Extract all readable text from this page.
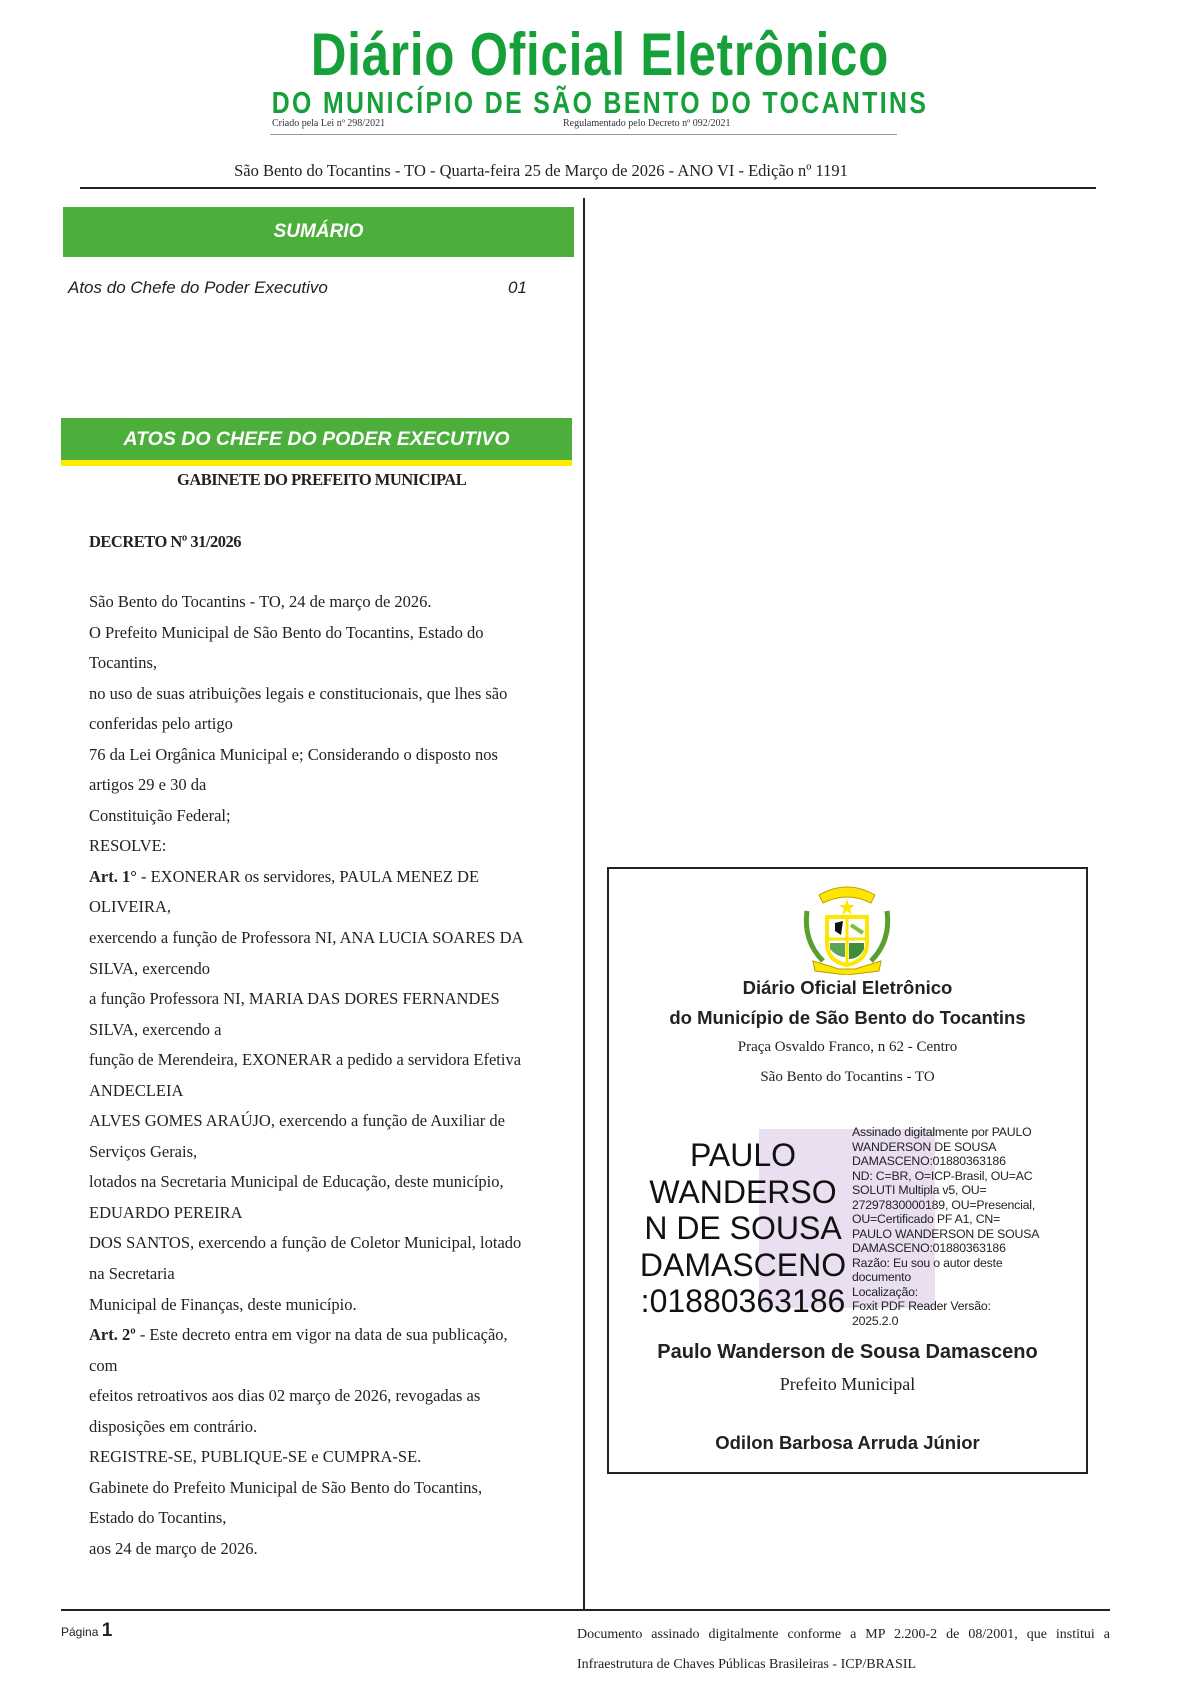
Diário Oficial Eletrônico
DO MUNICÍPIO DE SÃO BENTO DO TOCANTINS
Criado pela Lei nº 298/2021	Regulamentado pelo Decreto nº 092/2021
São Bento do Tocantins - TO - Quarta-feira 25 de Março de 2026 - ANO VI - Edição nº 1191
SUMÁRIO
Atos do Chefe do Poder Executivo	01
ATOS DO CHEFE DO PODER EXECUTIVO
GABINETE DO PREFEITO MUNICIPAL
DECRETO Nº 31/2026
São Bento do Tocantins - TO, 24 de março de 2026.
O Prefeito Municipal de São Bento do Tocantins, Estado do
Tocantins,
no uso de suas atribuições legais e constitucionais, que lhes são
conferidas pelo artigo
76 da Lei Orgânica Municipal e; Considerando o disposto nos
artigos 29 e 30 da
Constituição Federal;
RESOLVE:
Art. 1° - EXONERAR os servidores, PAULA MENEZ DE
OLIVEIRA,
exercendo a função de Professora NI, ANA LUCIA SOARES DA
SILVA, exercendo
a função Professora NI, MARIA DAS DORES FERNANDES
SILVA, exercendo a
função de Merendeira, EXONERAR a pedido a servidora Efetiva
ANDECLEIA
ALVES GOMES ARAÚJO, exercendo a função de Auxiliar de
Serviços Gerais,
lotados na Secretaria Municipal de Educação, deste município,
EDUARDO PEREIRA
DOS SANTOS, exercendo a função de Coletor Municipal, lotado
na Secretaria
Municipal de Finanças, deste município.
Art. 2º - Este decreto entra em vigor na data de sua publicação,
com
efeitos retroativos aos dias 02 março de 2026, revogadas as
disposições em contrário.
REGISTRE-SE, PUBLIQUE-SE e CUMPRA-SE.
Gabinete do Prefeito Municipal de São Bento do Tocantins,
Estado do Tocantins,
aos 24 de março de 2026.
Diário Oficial Eletrônico
do Município de São Bento do Tocantins
Praça Osvaldo Franco, n 62 - Centro
São Bento do Tocantins - TO
PAULO
WANDERSO
N DE SOUSA
DAMASCENO
:01880363186
Assinado digitalmente por PAULO
WANDERSON DE SOUSA
DAMASCENO:01880363186
ND: C=BR, O=ICP-Brasil, OU=AC
SOLUTI Multipla v5, OU=
27297830000189, OU=Presencial,
OU=Certificado PF A1, CN=
PAULO WANDERSON DE SOUSA
DAMASCENO:01880363186
Razão: Eu sou o autor deste
documento
Localização:
Foxit PDF Reader Versão:
2025.2.0
Paulo Wanderson de Sousa Damasceno
Prefeito Municipal
Odilon Barbosa Arruda Júnior
Página 1	Documento assinado digitalmente conforme a MP 2.200-2 de 08/2001, que institui a Infraestrutura de Chaves Públicas Brasileiras - ICP/BRASIL
